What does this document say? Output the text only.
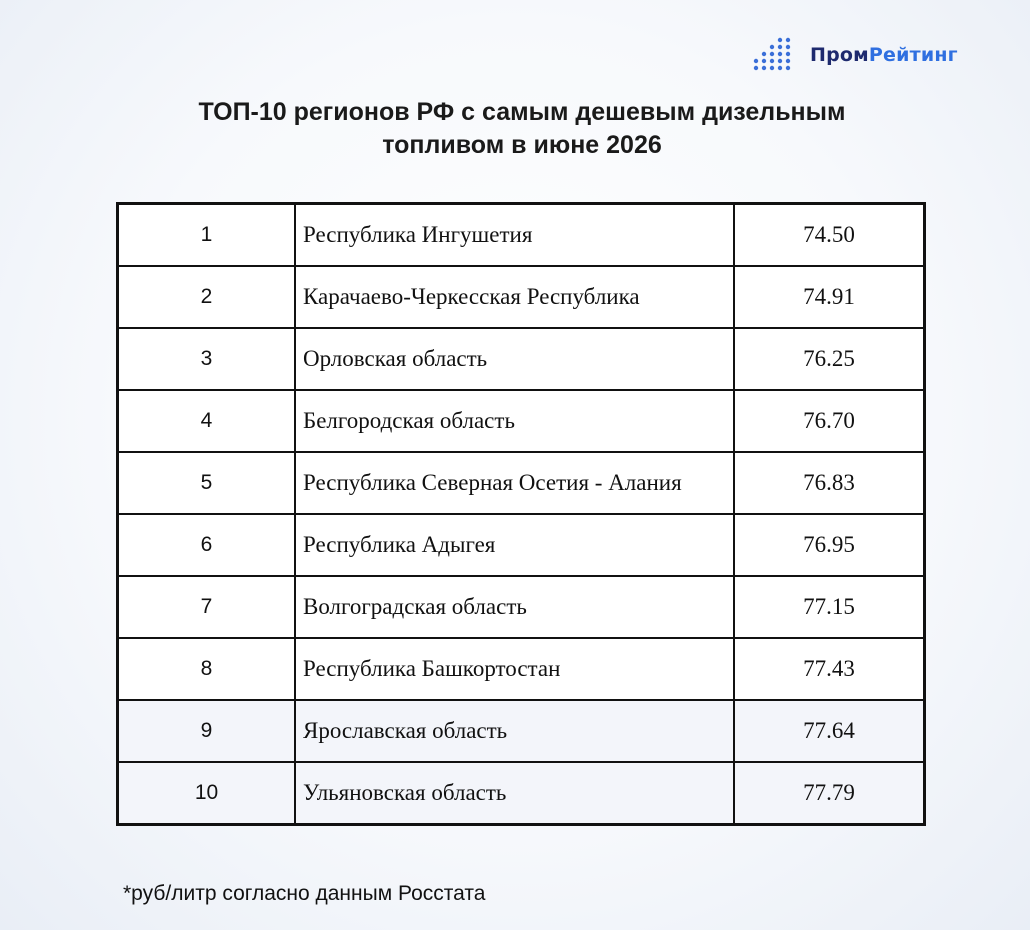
ПромРейтинг
ТОП-10 регионов РФ с самым дешевым дизельным
топливом в июне 2026
1	Республика Ингушетия	74.50
2	Карачаево-Черкесская Республика	74.91
3	Орловская область	76.25
4	Белгородская область	76.70
5	Республика Северная Осетия - Алания	76.83
6	Республика Адыгея	76.95
7	Волгоградская область	77.15
8	Республика Башкортостан	77.43
9	Ярославская область	77.64
10	Ульяновская область	77.79
*руб/литр согласно данным Росстата
